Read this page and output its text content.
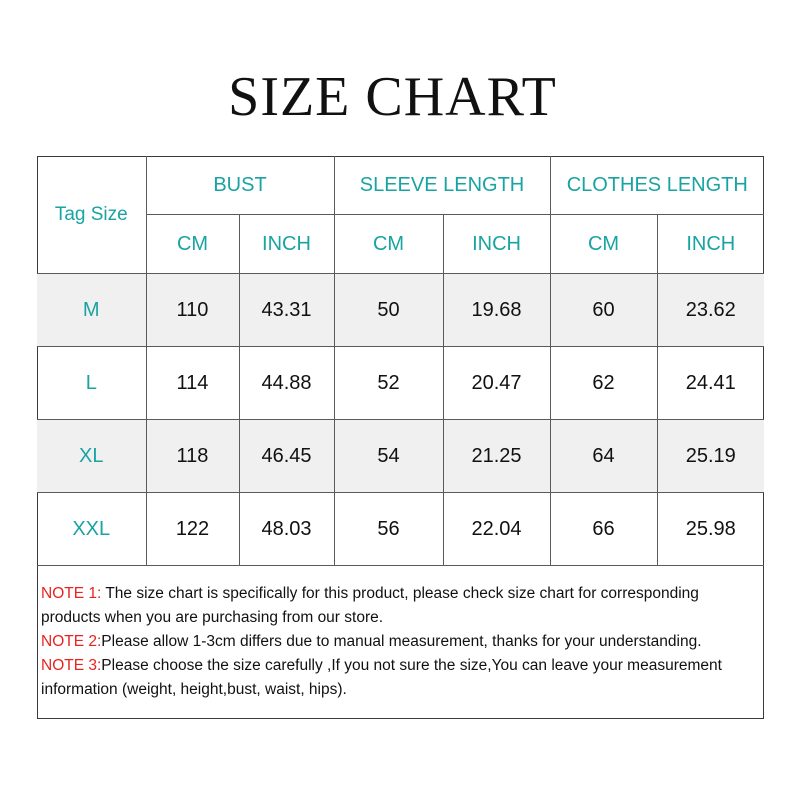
SIZE CHART
Tag Size	BUST		SLEEVE LENGTH		CLOTHES LENGTH	
	CM	INCH	CM	INCH	CM	INCH
M	110	43.31	50	19.68	60	23.62
L	114	44.88	52	20.47	62	24.41
XL	118	46.45	54	21.25	64	25.19
XXL	122	48.03	56	22.04	66	25.98

NOTE 1: The size chart is specifically for this product, please check size chart for corresponding products when you are purchasing from our store.

NOTE 2:Please allow 1-3cm differs due to manual measurement, thanks for your understanding.

NOTE 3:Please choose the size carefully ,If you not sure the size,You can leave your measurement information (weight, height,bust, waist, hips).
